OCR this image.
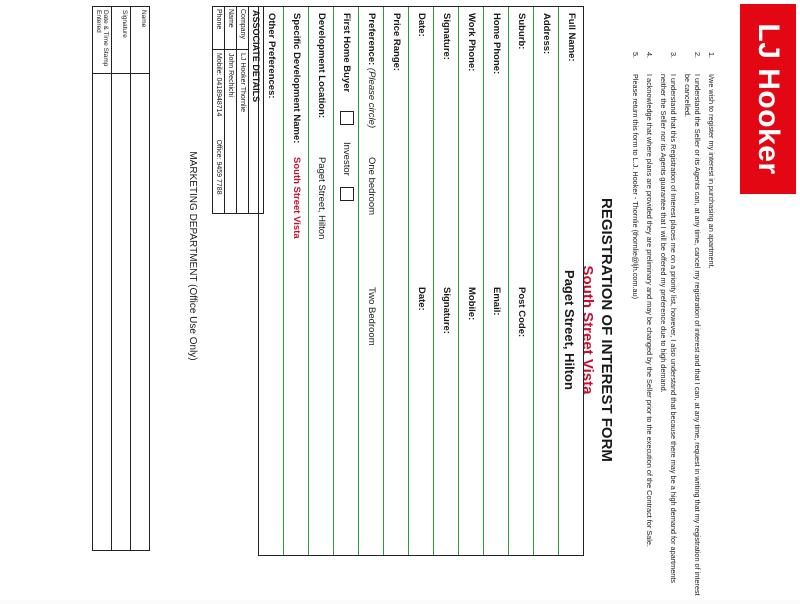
LJ Hooker
1.
I/we wish to register my interest in purchasing an apartment.
2.
I understand the Seller or its Agents can, at any time, cancel my registration of interest and that I can, at any time, request in writing that my registration of interest be cancelled.
3.
I understand that this Registration of Interest places me on a priority list, however, I also understand that because there may be a high demand for apartments neither the Seller nor its Agents guarantee that I will be offered my preference due to high demand.
4.
I acknowledge that where plans are provided they are preliminary and may be changed by the Seller prior to the execution of the Contract for Sale.
5.
Please return this form to L.J. Hooker - Thornlie (thornlie@ljh.com.au)
REGISTRATION OF INTEREST FORM
South Street Vista
Paget Street, Hilton
Full Name:
Address:
Suburb:
Post Code:
Home Phone:
Email:
Work Phone:
Mobile:
Signature:
Signature:
Date:
Date:
Price Range:
Preference: (Please circle)
One bedroom
Two Bedroom
First Home Buyer
Investor
Development Location:
Paget Street, Hilton
Specific Development Name:
South Street Vista
Other Preferences:
ASSOCIATE DETAILS
Company
LJ Hooker Thornlie
Name
John Rechichi
Phone
Mobile: 0418948714
Office: 9459 7788
MARKETING DEPARTMENT (Office Use Only)
Name
Signature
Date & Time Stamp Entered
